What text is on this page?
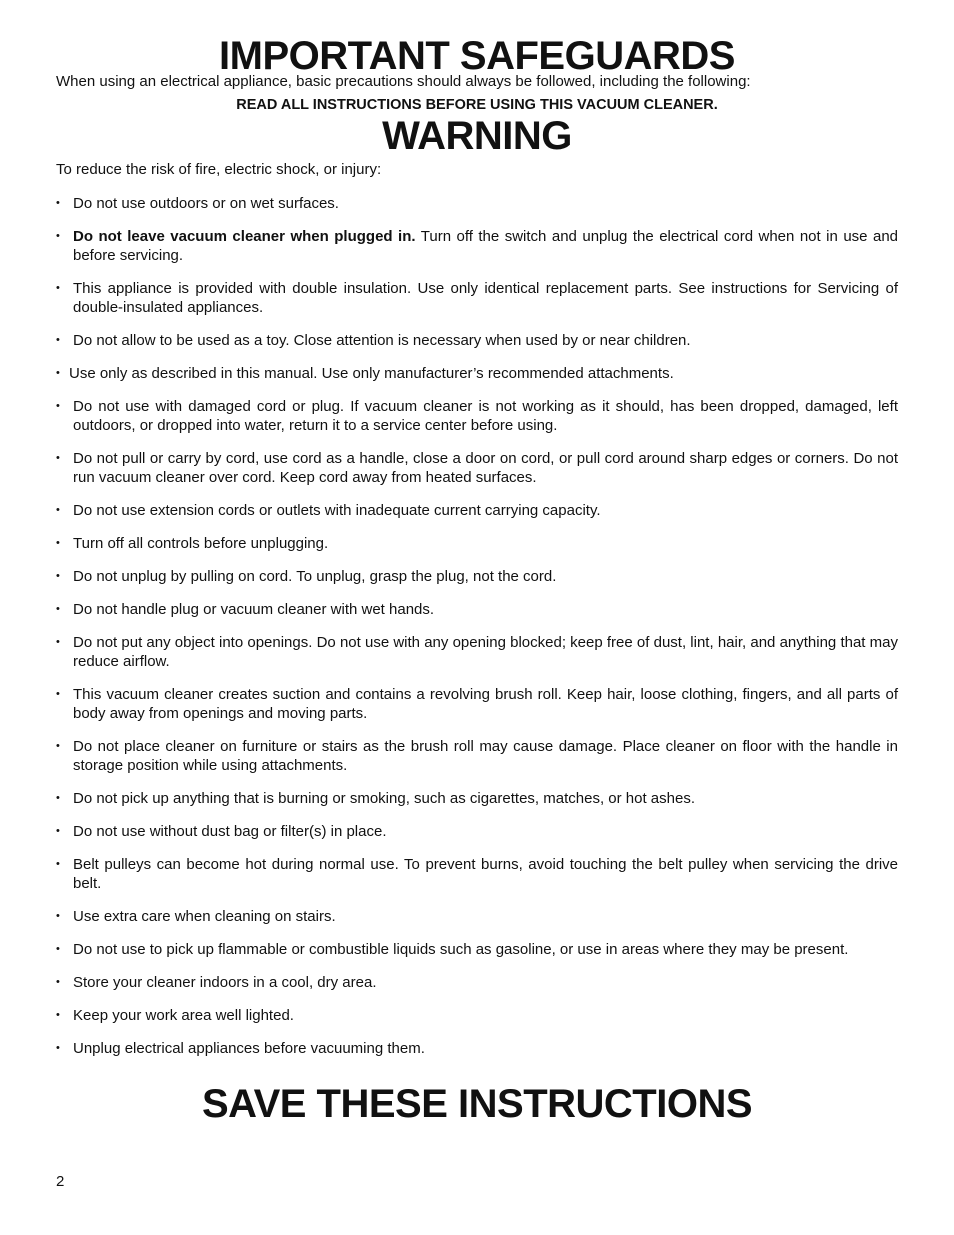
IMPORTANT SAFEGUARDS

When using an electrical appliance, basic precautions should always be followed, including the following:

READ ALL INSTRUCTIONS BEFORE USING THIS VACUUM CLEANER.

WARNING

To reduce the risk of fire, electric shock, or injury:

• Do not use outdoors or on wet surfaces.
• Do not leave vacuum cleaner when plugged in. Turn off the switch and unplug the electrical cord when not in use and before servicing.
• This appliance is provided with double insulation. Use only identical replacement parts. See instructions for Servicing of double-insulated appliances.
• Do not allow to be used as a toy. Close attention is necessary when used by or near children.
• Use only as described in this manual. Use only manufacturer’s recommended attachments.
• Do not use with damaged cord or plug. If vacuum cleaner is not working as it should, has been dropped, damaged, left outdoors, or dropped into water, return it to a service center before using.
• Do not pull or carry by cord, use cord as a handle, close a door on cord, or pull cord around sharp edges or corners. Do not run vacuum cleaner over cord. Keep cord away from heated surfaces.
• Do not use extension cords or outlets with inadequate current carrying capacity.
• Turn off all controls before unplugging.
• Do not unplug by pulling on cord. To unplug, grasp the plug, not the cord.
• Do not handle plug or vacuum cleaner with wet hands.
• Do not put any object into openings. Do not use with any opening blocked; keep free of dust, lint, hair, and anything that may reduce airflow.
• This vacuum cleaner creates suction and contains a revolving brush roll. Keep hair, loose clothing, fingers, and all parts of body away from openings and moving parts.
• Do not place cleaner on furniture or stairs as the brush roll may cause damage. Place cleaner on floor with the handle in storage position while using attachments.
• Do not pick up anything that is burning or smoking, such as cigarettes, matches, or hot ashes.
• Do not use without dust bag or filter(s) in place.
• Belt pulleys can become hot during normal use. To prevent burns, avoid touching the belt pulley when servicing the drive belt.
• Use extra care when cleaning on stairs.
• Do not use to pick up flammable or combustible liquids such as gasoline, or use in areas where they may be present.
• Store your cleaner indoors in a cool, dry area.
• Keep your work area well lighted.
• Unplug electrical appliances before vacuuming them.
SAVE THESE INSTRUCTIONS
2
